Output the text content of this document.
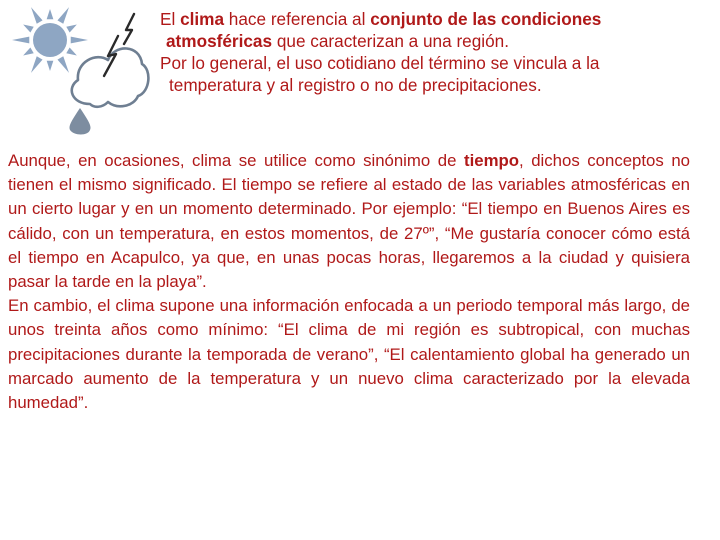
El clima hace referencia al conjunto de las condiciones

atmosféricas que caracterizan a una región.

Por lo general, el uso cotidiano del término se vincula a la

temperatura y al registro o no de precipitaciones.

Aunque, en ocasiones, clima se utilice como sinónimo de tiempo, dichos conceptos no tienen el mismo significado. El tiempo se refiere al estado de las variables atmosféricas en un cierto lugar y en un momento determinado. Por ejemplo: “El tiempo en Buenos Aires es cálido, con un temperatura, en estos momentos, de 27º”, “Me gustaría conocer cómo está el tiempo en Acapulco, ya que, en unas pocas horas, llegaremos a la ciudad y quisiera pasar la tarde en la playa”.

En cambio, el clima supone una información enfocada a un periodo temporal más largo, de unos treinta años como mínimo: “El clima de mi región es subtropical, con muchas precipitaciones durante la temporada de verano”, “El calentamiento global ha generado un marcado aumento de la temperatura y un nuevo clima caracterizado por la elevada humedad”.
